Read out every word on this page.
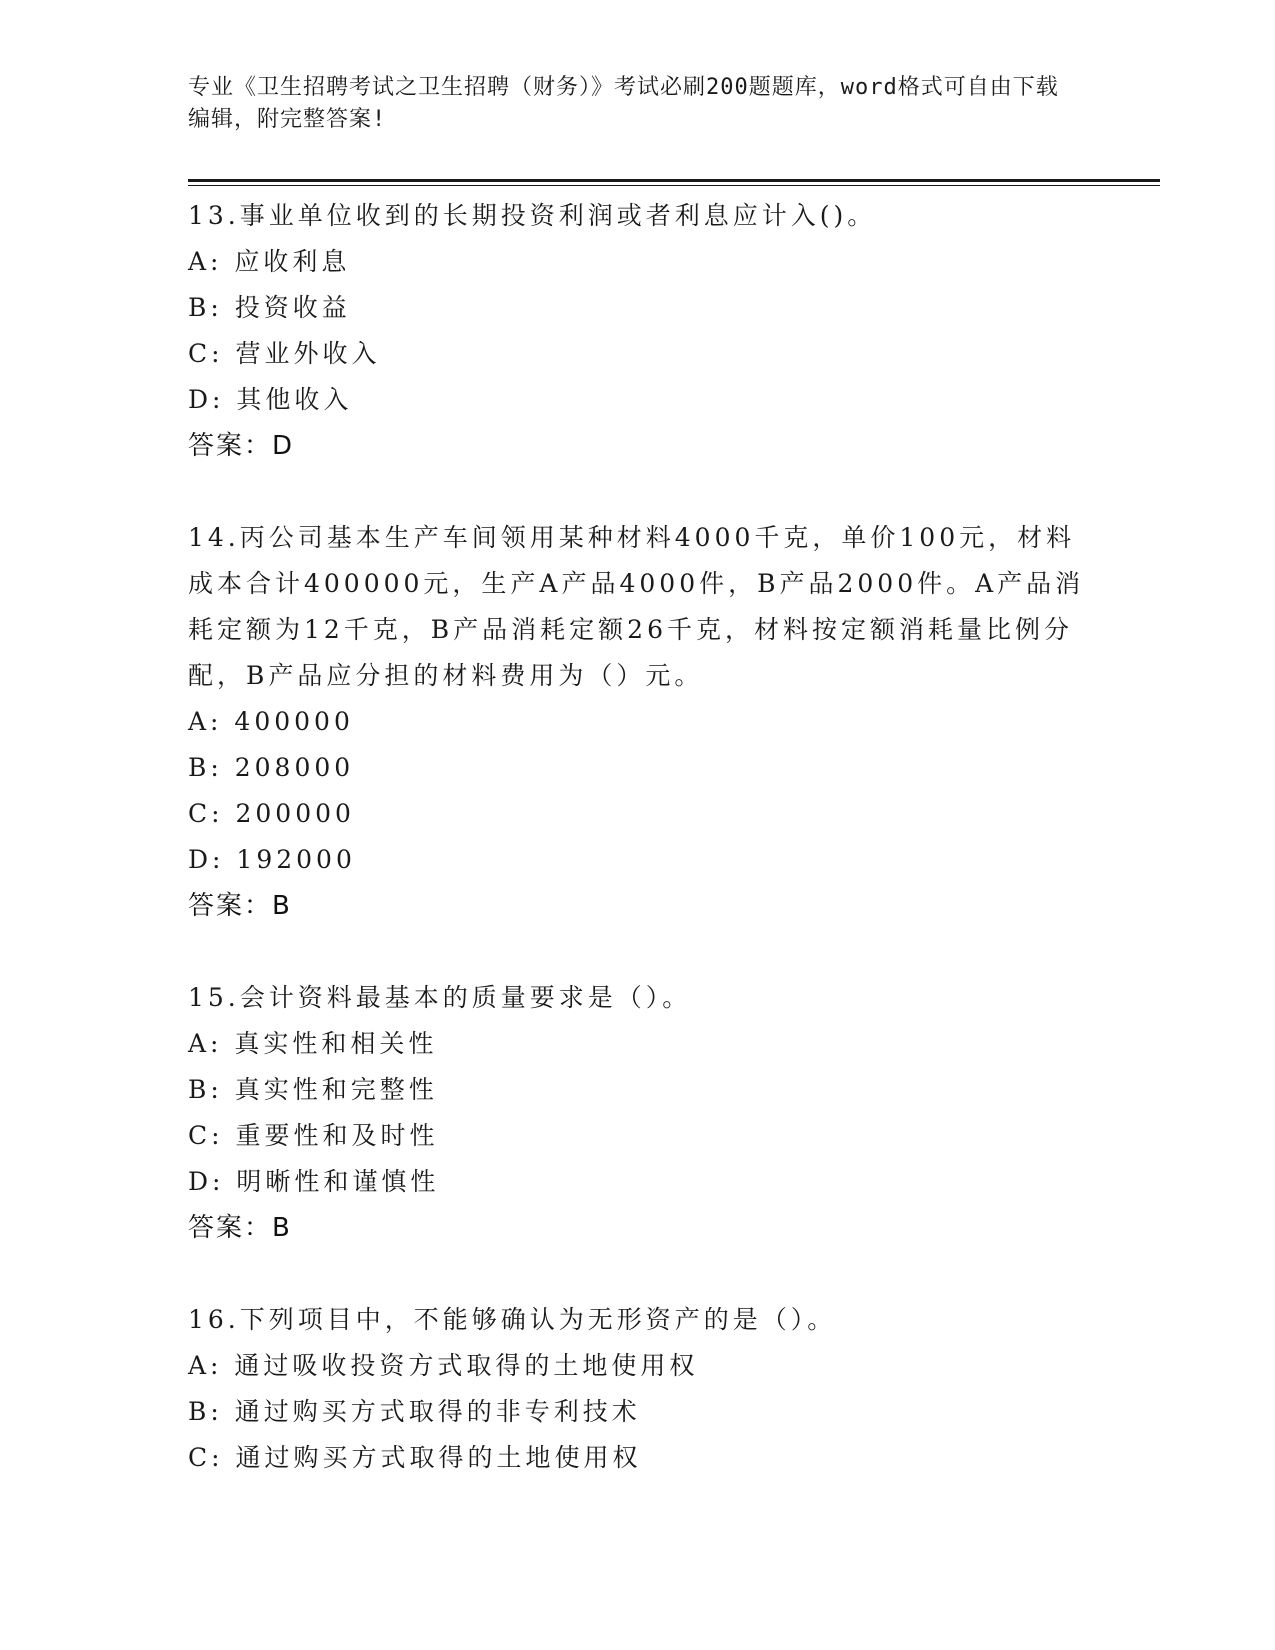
专业《卫生招聘考试之卫生招聘（财务）》考试必刷200题题库，word格式可自由下载编辑，附完整答案!
13.事业单位收到的长期投资利润或者利息应计入()。
A: 应收利息
B: 投资收益
C: 营业外收入
D: 其他收入
答案：D
14.丙公司基本生产车间领用某种材料4000千克，单价100元，材料成本合计400000元，生产A产品4000件，B产品2000件。A产品消耗定额为12千克，B产品消耗定额26千克，材料按定额消耗量比例分配，B产品应分担的材料费用为（）元。
A: 400000
B: 208000
C: 200000
D: 192000
答案：B
15.会计资料最基本的质量要求是（）。
A: 真实性和相关性
B: 真实性和完整性
C: 重要性和及时性
D: 明晰性和谨慎性
答案：B
16.下列项目中，不能够确认为无形资产的是（）。
A: 通过吸收投资方式取得的土地使用权
B: 通过购买方式取得的非专利技术
C: 通过购买方式取得的土地使用权
